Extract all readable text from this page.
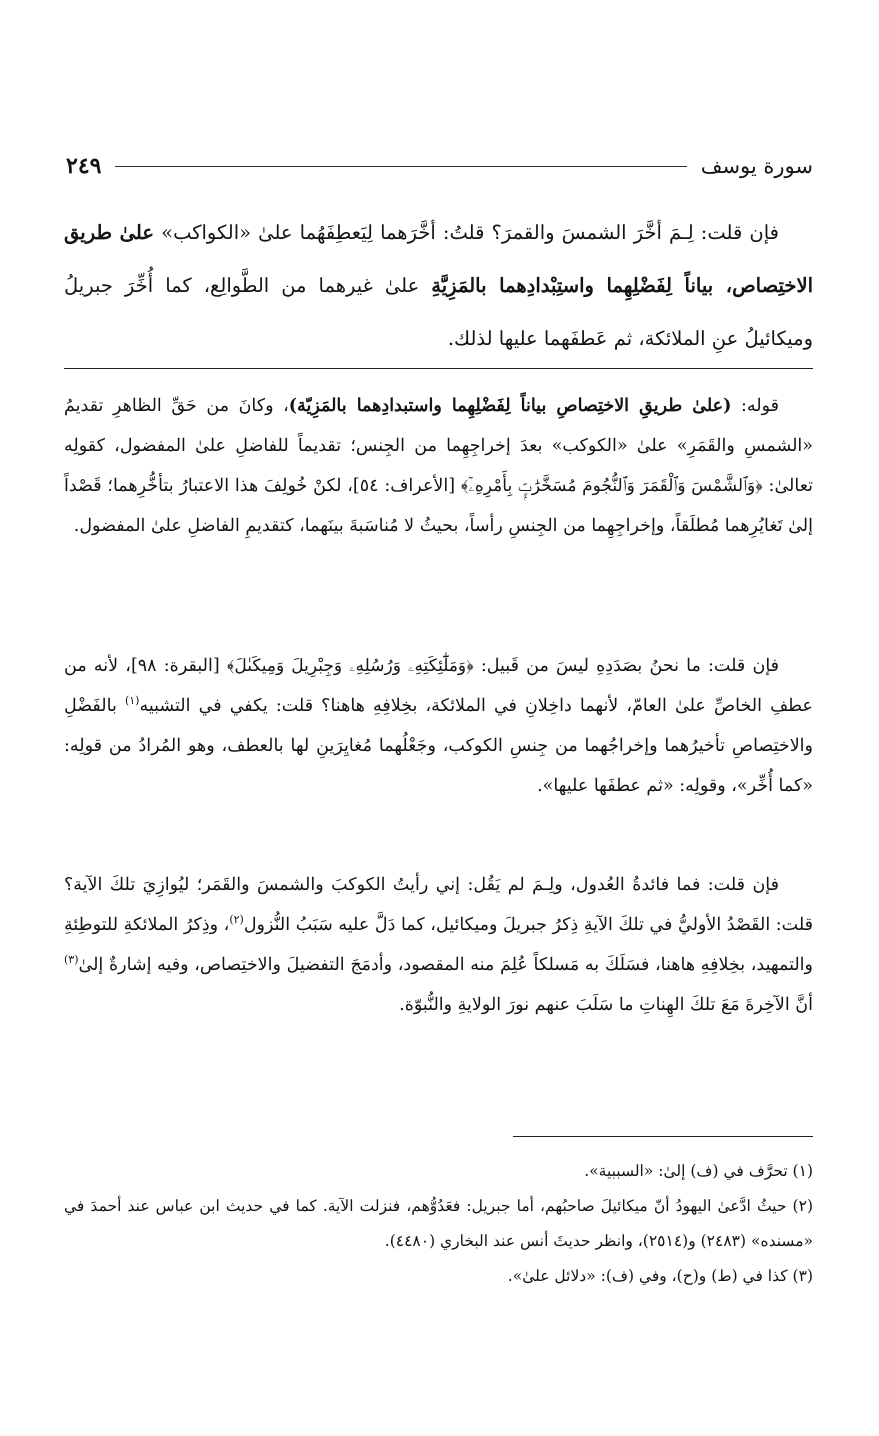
سورة يوسف
٢٤٩
فإن قلت: لِـمَ أخَّرَ الشمسَ والقمرَ؟ قلتُ: أخَّرَهما لِيَعطِفَهُما علىٰ «الكواكب» علىٰ طريق الاختِصاص، بياناً لِفَضْلِهِما واستِبْدادِهما بالمَزِيَّةِ علىٰ غيرهما من الطَّوالِع، كما أُخِّرَ جبريلُ وميكائيلُ عنِ الملائكة، ثم عَطفَهما عليها لذلك.

قوله: (علىٰ طريقِ الاختِصاصِ بياناً لِفَضْلِهِما واستبدادِهما بالمَزِيّة)، وكانَ من حَقِّ الظاهرِ تقديمُ «الشمسِ والقَمَرِ» علىٰ «الكوكب» بعدَ إخراجِهِما من الجِنس؛ تقديماً للفاضلِ علىٰ المفضول، كقولِه تعالىٰ: ﴿وَٱلشَّمْسَ وَٱلْقَمَرَ وَٱلنُّجُومَ مُسَخَّرَٰتٍۭ بِأَمْرِهِۦٓ﴾ [الأعراف: ٥٤]، لكنْ خُولِفَ هذا الاعتبارُ بتأخُّرِهما؛ قَصْداً إلىٰ تَغايُرِهما مُطلَقاً، وإخراجِهِما من الجِنسِ رأساً، بحيثُ لا مُناسَبةَ بينَهما، كتقديمِ الفاضلِ علىٰ المفضول.

فإن قلت: ما نحنُ بصَدَدِهِ ليسَ من قَبيل: ﴿وَمَلَٰٓئِكَتِهِۦ وَرُسُلِهِۦ وَجِبْرِيلَ وَمِيكَىٰلَ﴾ [البقرة: ٩٨]، لأنه من عطفِ الخاصِّ علىٰ العامّ، لأنهما داخِلانِ في الملائكة، بخِلافِهِ هاهنا؟ قلت: يكفي في التشبيه$^{(١)}$ بالفَضْلِ والاختِصاصِ تأخيرُهما وإخراجُهما من جِنسِ الكوكب، وجَعْلُهما مُغايِرَينِ لها بالعطف، وهو المُرادُ من قولِه: «كما أُخِّر»، وقولِه: «ثم عطفَها عليها».

فإن قلت: فما فائدةُ العُدول، ولِـمَ لم يَقُل: إني رأيتُ الكوكبَ والشمسَ والقَمَر؛ ليُوازِيَ تلكَ الآية؟ قلت: القَصْدُ الأوليُّ في تلكَ الآيةِ ذِكرُ جبريلَ وميكائيل، كما دَلَّ عليه سَبَبُ النُّزول$^{(٢)}$، وذِكرُ الملائكةِ للتوطِئةِ والتمهيد، بخِلافِهِ هاهنا، فسَلَكَ به مَسلكاً عُلِمَ منه المقصود، وأدمَجَ التفضيلَ والاختِصاص، وفيه إشارةٌ إلىٰ$^{(٣)}$ أنَّ الآخِرةَ مَعَ تلكَ الهِناتِ ما سَلَبَ عنهم نورَ الولايةِ والنُّبوّة.

(١) تحرَّف في (ف) إلىٰ: «السببية».

(٢) حيثُ ادَّعىٰ اليهودُ أنّ ميكائيلَ صاحبُهم، أما جبريل: فعَدُوُّهم، فنزلت الآية. كما في حديث ابن عباس عند أحمدَ في «مسنده» (٢٤٨٣) و(٢٥١٤)، وانظر حديثَ أنس عند البخاري (٤٤٨٠).

(٣) كذا في (ط) و(ح)، وفي (ف): «دلائل علىٰ».
